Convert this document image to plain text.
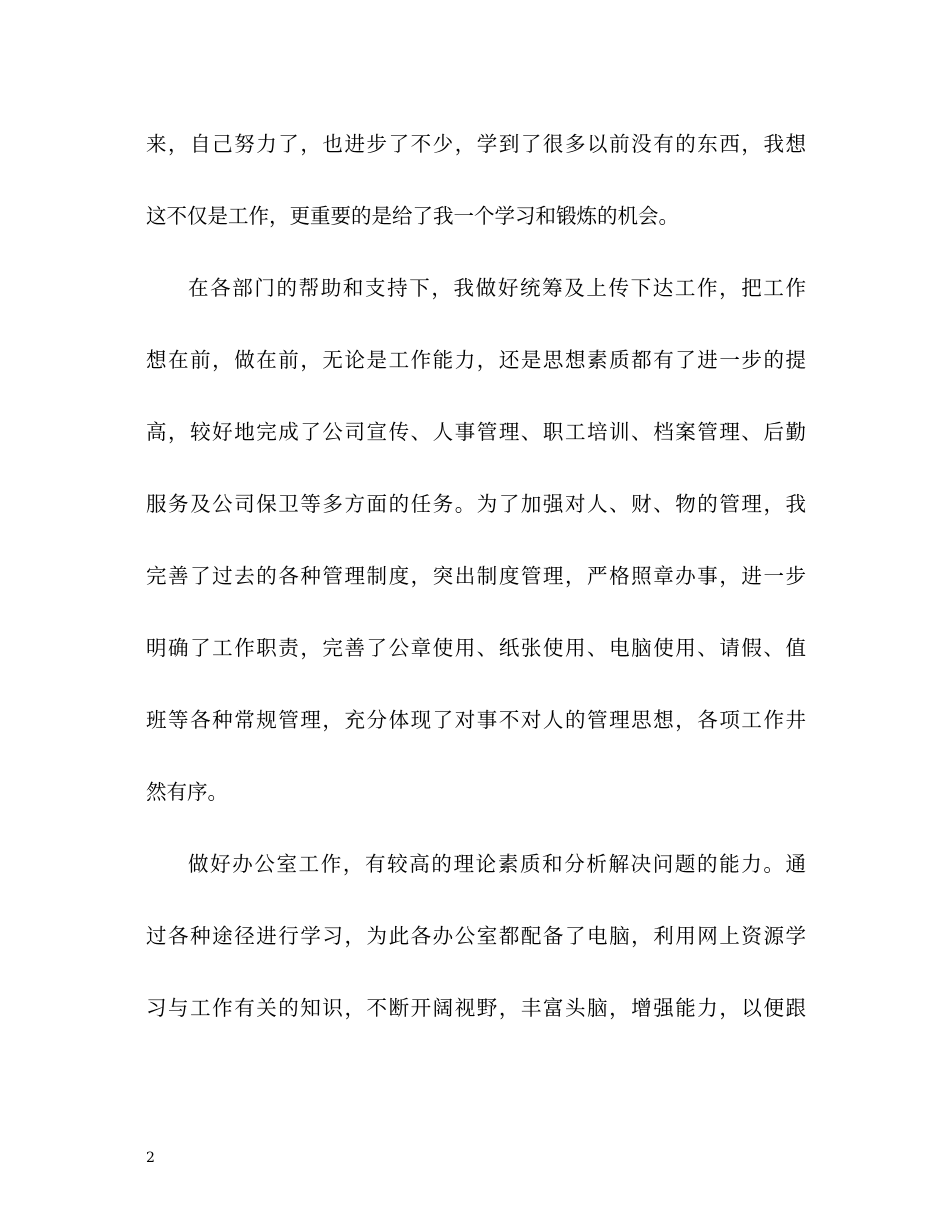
来，自己努力了，也进步了不少，学到了很多以前没有的东西，我想
这不仅是工作，更重要的是给了我一个学习和锻炼的机会。
在各部门的帮助和支持下，我做好统筹及上传下达工作，把工作
想在前，做在前，无论是工作能力，还是思想素质都有了进一步的提
高，较好地完成了公司宣传、人事管理、职工培训、档案管理、后勤
服务及公司保卫等多方面的任务。为了加强对人、财、物的管理，我
完善了过去的各种管理制度，突出制度管理，严格照章办事，进一步
明确了工作职责，完善了公章使用、纸张使用、电脑使用、请假、值
班等各种常规管理，充分体现了对事不对人的管理思想，各项工作井
然有序。
做好办公室工作，有较高的理论素质和分析解决问题的能力。通
过各种途径进行学习，为此各办公室都配备了电脑，利用网上资源学
习与工作有关的知识，不断开阔视野，丰富头脑，增强能力，以便跟
2
